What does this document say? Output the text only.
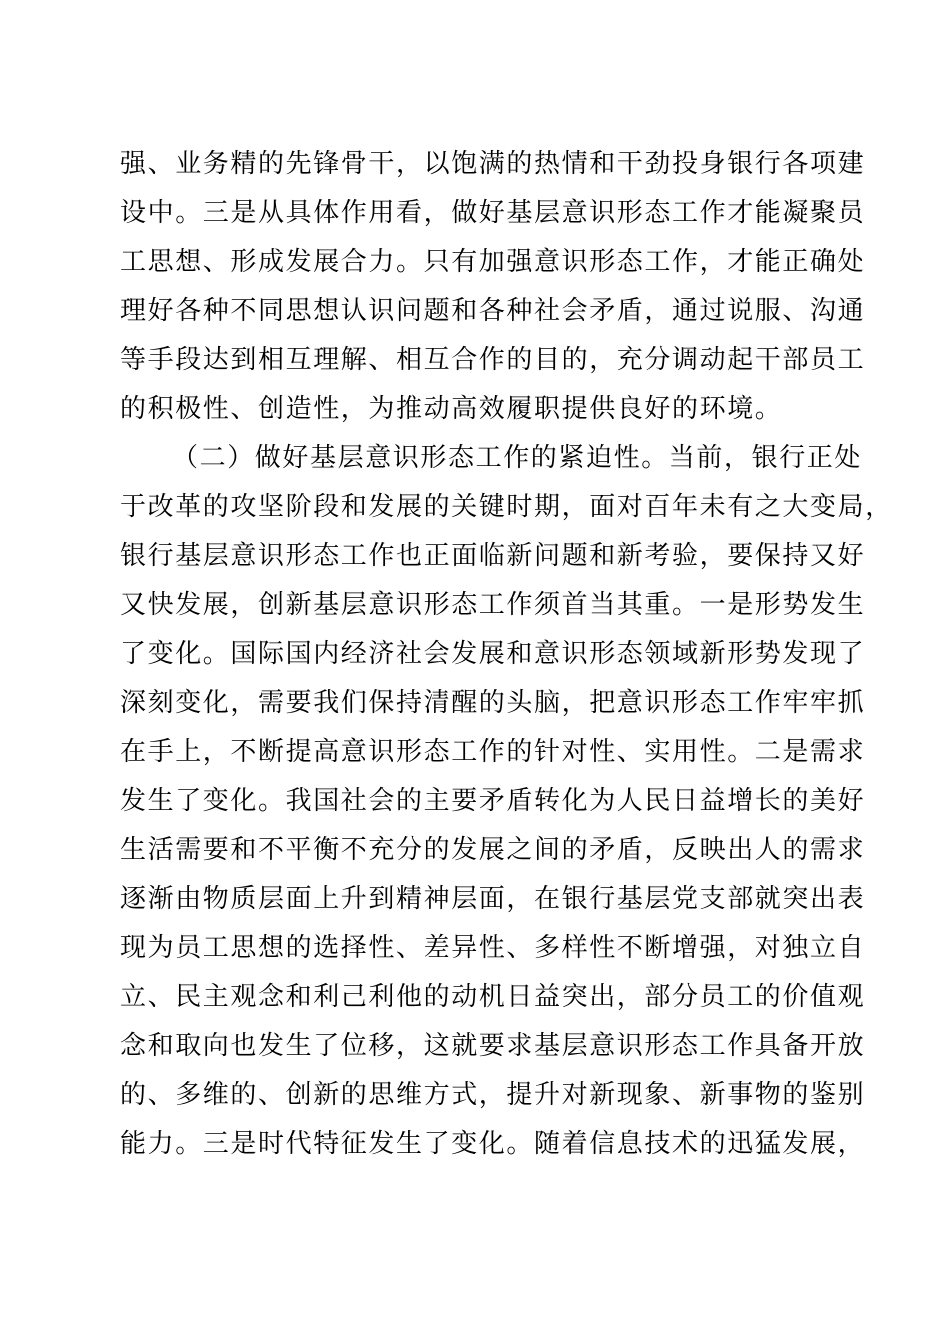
强、业务精的先锋骨干，以饱满的热情和干劲投身银行各项建
设中。三是从具体作用看，做好基层意识形态工作才能凝聚员
工思想、形成发展合力。只有加强意识形态工作，才能正确处
理好各种不同思想认识问题和各种社会矛盾，通过说服、沟通
等手段达到相互理解、相互合作的目的，充分调动起干部员工
的积极性、创造性，为推动高效履职提供良好的环境。
（二）做好基层意识形态工作的紧迫性。当前，银行正处
于改革的攻坚阶段和发展的关键时期，面对百年未有之大变局，
银行基层意识形态工作也正面临新问题和新考验，要保持又好
又快发展，创新基层意识形态工作须首当其重。一是形势发生
了变化。国际国内经济社会发展和意识形态领域新形势发现了
深刻变化，需要我们保持清醒的头脑，把意识形态工作牢牢抓
在手上，不断提高意识形态工作的针对性、实用性。二是需求
发生了变化。我国社会的主要矛盾转化为人民日益增长的美好
生活需要和不平衡不充分的发展之间的矛盾，反映出人的需求
逐渐由物质层面上升到精神层面，在银行基层党支部就突出表
现为员工思想的选择性、差异性、多样性不断增强，对独立自
立、民主观念和利己利他的动机日益突出，部分员工的价值观
念和取向也发生了位移，这就要求基层意识形态工作具备开放
的、多维的、创新的思维方式，提升对新现象、新事物的鉴别
能力。三是时代特征发生了变化。随着信息技术的迅猛发展，
